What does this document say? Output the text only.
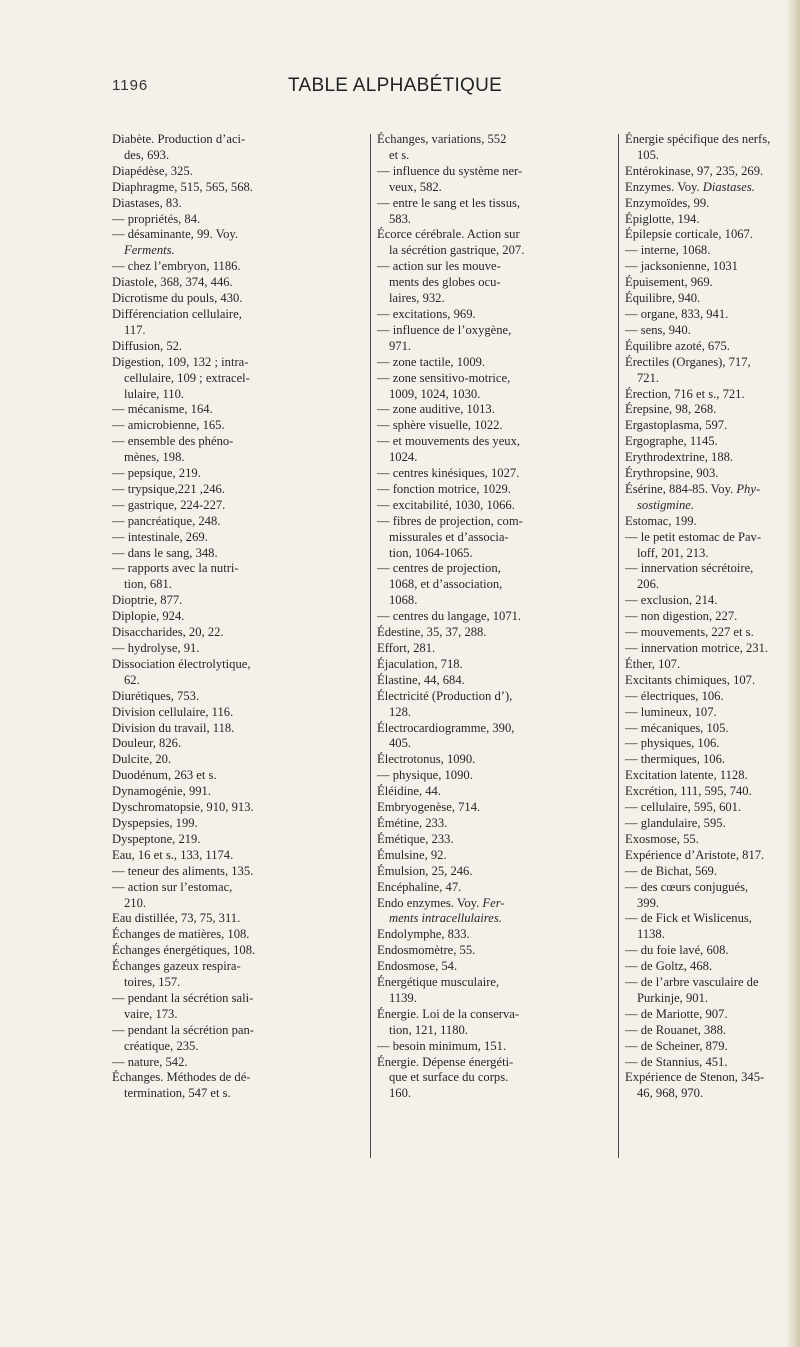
1196	TABLE ALPHABÉTIQUE
Diabète. Production d’aci-
des, 693.
Diapédèse, 325.
Diaphragme, 515, 565, 568.
Diastases, 83.
— propriétés, 84.
— désaminante, 99. Voy.
Ferments.
— chez l’embryon, 1186.
Diastole, 368, 374, 446.
Dicrotisme du pouls, 430.
Différenciation cellulaire,
117.
Diffusion, 52.
Digestion, 109, 132 ; intra-
cellulaire, 109 ; extracel-
lulaire, 110.
— mécanisme, 164.
— amicrobienne, 165.
— ensemble des phéno-
mènes, 198.
— pepsique, 219.
— trypsique,221 ,246.
— gastrique, 224-227.
— pancréatique, 248.
— intestinale, 269.
— dans le sang, 348.
— rapports avec la nutri-
tion, 681.
Dioptrie, 877.
Diplopie, 924.
Disaccharides, 20, 22.
— hydrolyse, 91.
Dissociation électrolytique,
62.
Diurétiques, 753.
Division cellulaire, 116.
Division du travail, 118.
Douleur, 826.
Dulcite, 20.
Duodénum, 263 et s.
Dynamogénie, 991.
Dyschromatopsie, 910, 913.
Dyspepsies, 199.
Dyspeptone, 219.
Eau, 16 et s., 133, 1174.
— teneur des aliments, 135.
— action sur l’estomac,
210.
Eau distillée, 73, 75, 311.
Échanges de matières, 108.
Échanges énergétiques, 108.
Échanges gazeux respira-
toires, 157.
— pendant la sécrétion sali-
vaire, 173.
— pendant la sécrétion pan-
créatique, 235.
— nature, 542.
Échanges. Méthodes de dé-
termination, 547 et s.
Échanges, variations, 552
et s.
— influence du système ner-
veux, 582.
— entre le sang et les tissus,
583.
Écorce cérébrale. Action sur
la sécrétion gastrique, 207.
— action sur les mouve-
ments des globes ocu-
laires, 932.
— excitations, 969.
— influence de l’oxygène,
971.
— zone tactile, 1009.
— zone sensitivo-motrice,
1009, 1024, 1030.
— zone auditive, 1013.
— sphère visuelle, 1022.
— et mouvements des yeux,
1024.
— centres kinésiques, 1027.
— fonction motrice, 1029.
— excitabilité, 1030, 1066.
— fibres de projection, com-
missurales et d’associa-
tion, 1064-1065.
— centres de projection,
1068, et d’association,
1068.
— centres du langage, 1071.
Édestine, 35, 37, 288.
Effort, 281.
Éjaculation, 718.
Élastine, 44, 684.
Électricité (Production d’),
128.
Électrocardiogramme, 390,
405.
Électrotonus, 1090.
— physique, 1090.
Éléidine, 44.
Embryogenèse, 714.
Émétine, 233.
Émétique, 233.
Émulsine, 92.
Émulsion, 25, 246.
Encéphaline, 47.
Endo enzymes. Voy. Fer-
ments intracellulaires.
Endolymphe, 833.
Endosmomètre, 55.
Endosmose, 54.
Énergétique musculaire,
1139.
Énergie. Loi de la conserva-
tion, 121, 1180.
— besoin minimum, 151.
Énergie. Dépense énergéti-
que et surface du corps.
160.
Énergie spécifique des nerfs,
105.
Entérokinase, 97, 235, 269.
Enzymes. Voy. Diastases.
Enzymoïdes, 99.
Épiglotte, 194.
Épilepsie corticale, 1067.
— interne, 1068.
— jacksonienne, 1031
Épuisement, 969.
Équilibre, 940.
— organe, 833, 941.
— sens, 940.
Équilibre azoté, 675.
Érectiles (Organes), 717,
721.
Érection, 716 et s., 721.
Érepsine, 98, 268.
Ergastoplasma, 597.
Ergographe, 1145.
Erythrodextrine, 188.
Érythropsine, 903.
Ésérine, 884-85. Voy. Phy-
sostigmine.
Estomac, 199.
— le petit estomac de Pav-
loff, 201, 213.
— innervation sécrétoire,
206.
— exclusion, 214.
— non digestion, 227.
— mouvements, 227 et s.
— innervation motrice, 231.
Éther, 107.
Excitants chimiques, 107.
— électriques, 106.
— lumineux, 107.
— mécaniques, 105.
— physiques, 106.
— thermiques, 106.
Excitation latente, 1128.
Excrétion, 111, 595, 740.
— cellulaire, 595, 601.
— glandulaire, 595.
Exosmose, 55.
Expérience d’Aristote, 817.
— de Bichat, 569.
— des cœurs conjugués,
399.
— de Fick et Wislicenus,
1138.
— du foie lavé, 608.
— de Goltz, 468.
— de l’arbre vasculaire de
Purkinje, 901.
— de Mariotte, 907.
— de Rouanet, 388.
— de Scheiner, 879.
— de Stannius, 451.
Expérience de Stenon, 345-
46, 968, 970.
